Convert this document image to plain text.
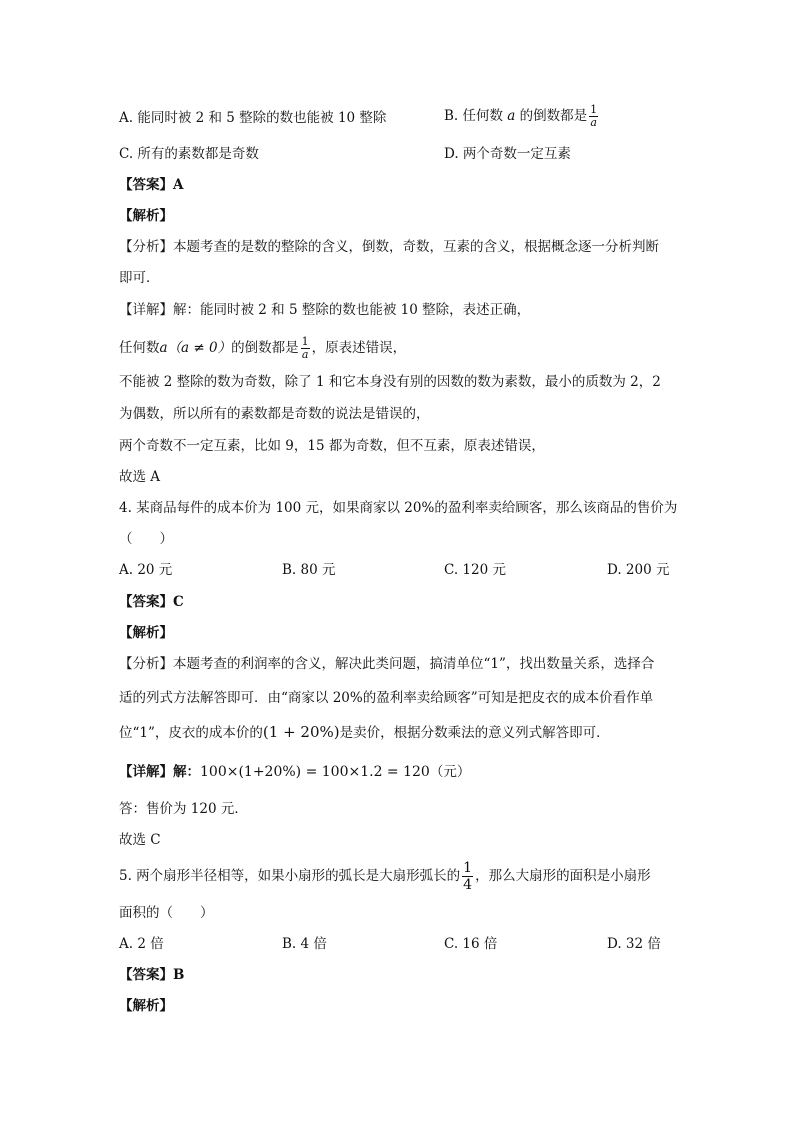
A. 能同时被 2 和 5 整除的数也能被 10 整除	B. 任何数 a 的倒数都是 $\frac{1}{a}$
C. 所有的素数都是奇数	D. 两个奇数一定互素
【答案】A
【解析】
【分析】本题考查的是数的整除的含义，倒数，奇数，互素的含义，根据概念逐一分析判断
即可．
【详解】解：能同时被 2 和 5 整除的数也能被 10 整除，表述正确，
任何数a（a ≠ 0）的倒数都是 $\frac{1}{a}$ ，原表述错误，
不能被 2 整除的数为奇数，除了 1 和它本身没有别的因数的数为素数，最小的质数为 2，2
为偶数，所以所有的素数都是奇数的说法是错误的，
两个奇数不一定互素，比如 9，15 都为奇数，但不互素，原表述错误，
故选 A
4. 某商品每件的成本价为 100 元，如果商家以 20%的盈利率卖给顾客，那么该商品的售价为
（　　）
A. 20 元	B. 80 元	C. 120 元	D. 200 元
【答案】C
【解析】
【分析】本题考查的利润率的含义，解决此类问题，搞清单位“1”，找出数量关系，选择合
适的列式方法解答即可．由“商家以 20%的盈利率卖给顾客”可知是把皮衣的成本价看作单
位“1”，皮衣的成本价的(1 + 20%)是卖价，根据分数乘法的意义列式解答即可．
【详解】解：100×(1+20%) = 100×1.2 = 120（元）
答：售价为 120 元．
故选 C
5. 两个扇形半径相等，如果小扇形的弧长是大扇形弧长的 $\frac{1}{4}$ ，那么大扇形的面积是小扇形
面积的（　　）
A. 2 倍	B. 4 倍	C. 16 倍	D. 32 倍
【答案】B
【解析】
